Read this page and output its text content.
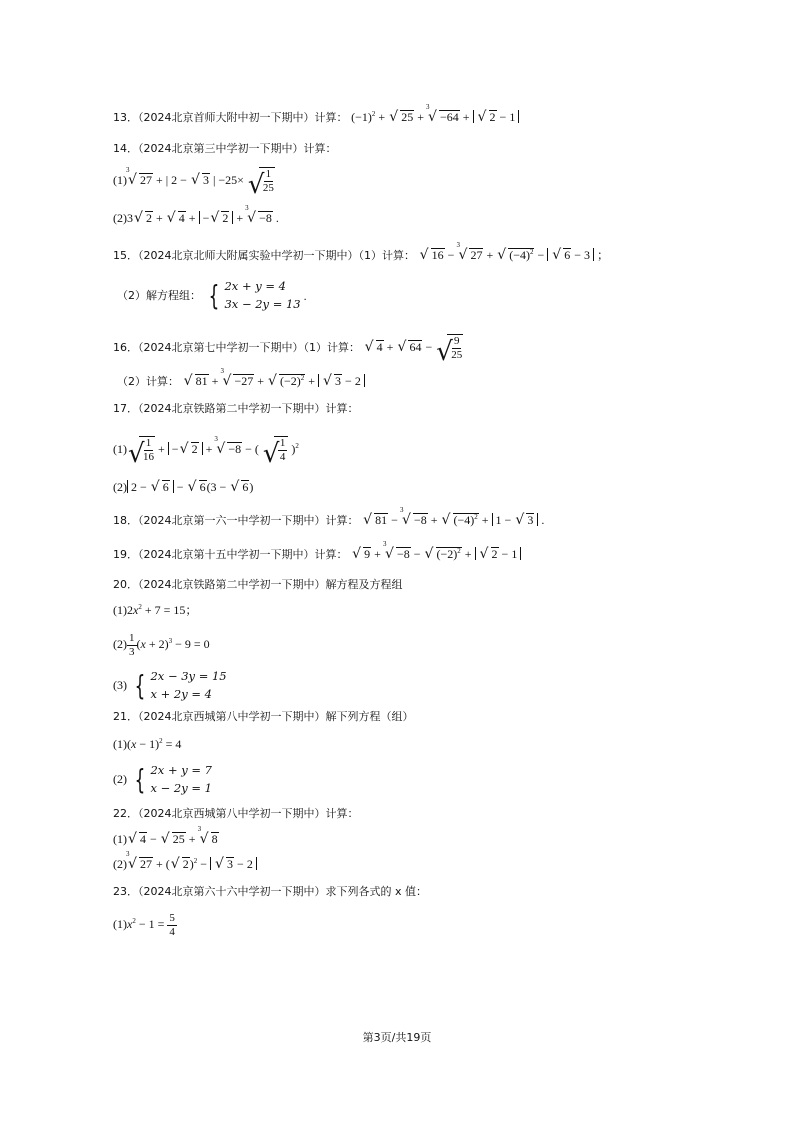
13．（2024北京首师大附中初一下期中）计算： $(-1)^2$ + √ 25 +
3
√ −64 + √ 2 − 1
14．（2024北京第三中学初一下期中）计算：
(1)
3
√ 27 + | 2 − √ 3 | −25× √
$\frac{1}{25}$
(2)3 √ 2 + √ 4 + − √ 2 +
3
√ −8 .
15．（2024北京北师大附属实验中学初一下期中）（1）计算： √ 16 −
3
√ 27 + √ $(-4)^2$ − √ 6 − 3 ；
（2）解方程组： { 2x + y = 4
3x − 2y = 13
.
16．（2024北京第七中学初一下期中）（1）计算： √ 4 + √ 64 − √
$\frac{9}{25}$
（2）计算： √ 81 +
3
√ −27 + √ $(-2)^2$ + √ 3 − 2
17．（2024北京铁路第二中学初一下期中）计算：
(1) √
$\frac{1}{16}$ + − √ 2 +
3
√ −8 − ( √
$\frac{1}{4} )^2$
(2) 2 − √ 6 − √ 6(3 − √ 6)
18．（2024北京第一六一中学初一下期中）计算： √ 81 −
3
√ −8 + √ $(-4)^2 + 1$ − √ 3 .
19．（2024北京第十五中学初一下期中）计算： √ 9 +
3
√ −8 − √ $(-2)^2$ + √ 2 − 1
20．（2024北京铁路第二中学初一下期中）解方程及方程组
$(1)2x^2 + 7 = 15$；
$(2) \frac{1}{3} (x + 2)^3 - 9 = 0$
(3) { 2x − 3y = 15
x + 2y = 4
21．（2024北京西城第八中学初一下期中）解下列方程（组）
$(1)(x - 1)^2 = 4$
(2) { 2x + y = 7
x − 2y = 1
22．（2024北京西城第八中学初一下期中）计算：
(1) √ 4 − √ 25 +
3
√ 8
(2)
3
√ 27 + ( √ 2)$^2$ − √ 3 − 2
23．（2024北京第六十六中学初一下期中）求下列各式的 x 值：
$(1)x^2 - 1 = \frac{5}{4}$
第3页/共19页
